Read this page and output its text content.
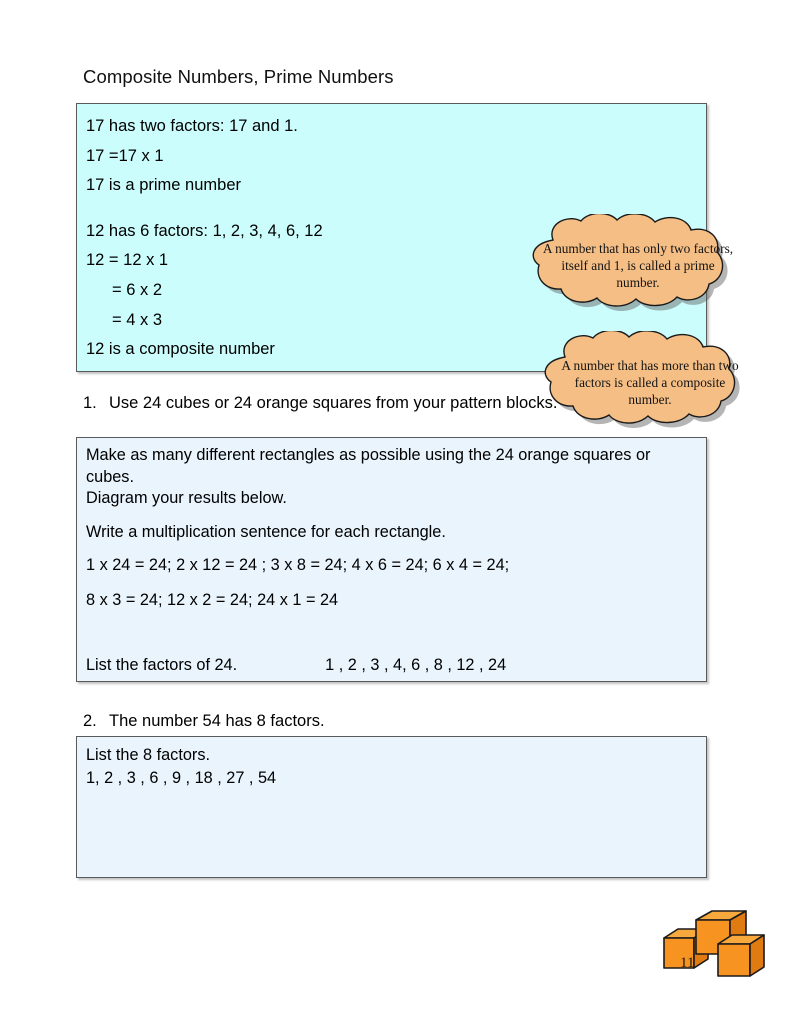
Composite Numbers, Prime Numbers
17 has two factors: 17 and 1.
17 =17 x 1
17 is a prime number
12 has 6 factors: 1, 2, 3, 4, 6, 12
12 = 12 x 1
= 6 x 2
= 4 x 3
12 is a composite number
A number that has only two factors, itself and 1, is called a prime number.
A number that has more than two factors is called a composite number.
1. Use 24 cubes or 24 orange squares from your pattern blocks.
Make as many different rectangles as possible using the 24 orange squares or cubes.
Diagram your results below.
Write a multiplication sentence for each rectangle.
1 x 24 = 24; 2 x 12 = 24 ; 3 x 8 = 24; 4 x 6 = 24; 6 x 4 = 24;
8 x 3 = 24; 12 x 2 = 24; 24 x 1 = 24
List the factors of 24.	1 , 2 , 3 , 4, 6 , 8 , 12 , 24
2. The number 54 has 8 factors.
List the 8 factors.
1, 2 , 3 , 6 , 9 , 18 , 27 , 54
11
